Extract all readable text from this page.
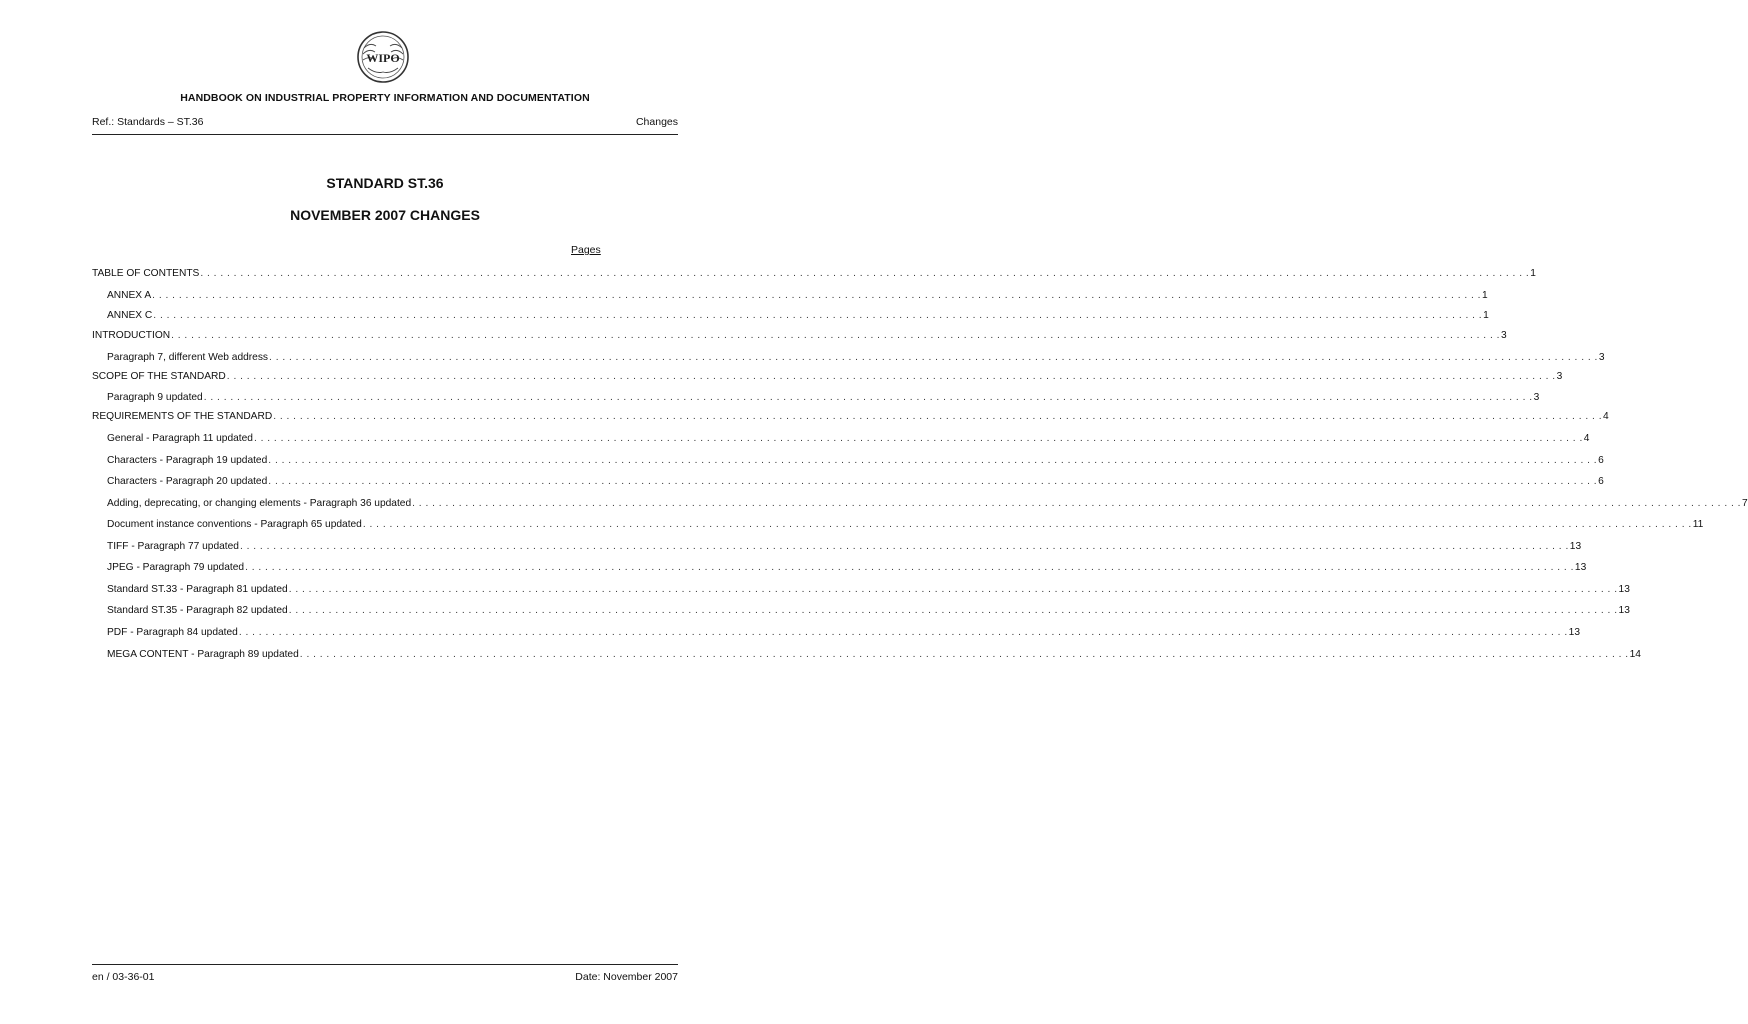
WIPO
HANDBOOK ON INDUSTRIAL PROPERTY INFORMATION AND DOCUMENTATION
Ref.: Standards – ST.36	Changes
STANDARD ST.36
NOVEMBER 2007 CHANGES
Pages
TABLE OF CONTENTS . . . . . . . . . . . . . . . . . . . . . . . . . . . . . . . . . . . . . . . . . . . . . . . . . . . . . . . . . . . . . . . . . . . . . . . . . . . . . . . . . . . . . . . . . . . . . . . . . . . . . . . . . . . . . . . . . . . . . . . . . . . . . . . . . . . . . . . . . . . . . . . . . . . . . . . . . . . . . . . . . . . . . . . . . . . . . . . . . . . . . . . . . . . . . . . . . . . . . . . . 1
ANNEX A . . . . . . . . . . . . . . . . . . . . . . . . . . . . . . . . . . . . . . . . . . . . . . . . . . . . . . . . . . . . . . . . . . . . . . . . . . . . . . . . . . . . . . . . . . . . . . . . . . . . . . . . . . . . . . . . . . . . . . . . . . . . . . . . . . . . . . . . . . . . . . . . . . . . . . . . . . . . . . . . . . . . . . . . . . . . . . . . . . . . . . . . . . . . . . . . . . . . . . . . 1
ANNEX C . . . . . . . . . . . . . . . . . . . . . . . . . . . . . . . . . . . . . . . . . . . . . . . . . . . . . . . . . . . . . . . . . . . . . . . . . . . . . . . . . . . . . . . . . . . . . . . . . . . . . . . . . . . . . . . . . . . . . . . . . . . . . . . . . . . . . . . . . . . . . . . . . . . . . . . . . . . . . . . . . . . . . . . . . . . . . . . . . . . . . . . . . . . . . . . . . . . . . . . . 1
INTRODUCTION . . . . . . . . . . . . . . . . . . . . . . . . . . . . . . . . . . . . . . . . . . . . . . . . . . . . . . . . . . . . . . . . . . . . . . . . . . . . . . . . . . . . . . . . . . . . . . . . . . . . . . . . . . . . . . . . . . . . . . . . . . . . . . . . . . . . . . . . . . . . . . . . . . . . . . . . . . . . . . . . . . . . . . . . . . . . . . . . . . . . . . . . . . . . . . . . . . . . . . . . 3
Paragraph 7, different Web address . . . . . . . . . . . . . . . . . . . . . . . . . . . . . . . . . . . . . . . . . . . . . . . . . . . . . . . . . . . . . . . . . . . . . . . . . . . . . . . . . . . . . . . . . . . . . . . . . . . . . . . . . . . . . . . . . . . . . . . . . . . . . . . . . . . . . . . . . . . . . . . . . . . . . . . . . . . . . . . . . . . . . . . . . . . . . . . . . . . . . . . . . . . . . . . . . . . . . . . . 3
SCOPE OF THE STANDARD . . . . . . . . . . . . . . . . . . . . . . . . . . . . . . . . . . . . . . . . . . . . . . . . . . . . . . . . . . . . . . . . . . . . . . . . . . . . . . . . . . . . . . . . . . . . . . . . . . . . . . . . . . . . . . . . . . . . . . . . . . . . . . . . . . . . . . . . . . . . . . . . . . . . . . . . . . . . . . . . . . . . . . . . . . . . . . . . . . . . . . . . . . . . . . . . . . . . . . . . 3
Paragraph 9 updated . . . . . . . . . . . . . . . . . . . . . . . . . . . . . . . . . . . . . . . . . . . . . . . . . . . . . . . . . . . . . . . . . . . . . . . . . . . . . . . . . . . . . . . . . . . . . . . . . . . . . . . . . . . . . . . . . . . . . . . . . . . . . . . . . . . . . . . . . . . . . . . . . . . . . . . . . . . . . . . . . . . . . . . . . . . . . . . . . . . . . . . . . . . . . . . . . . . . . . . . 3
REQUIREMENTS OF THE STANDARD . . . . . . . . . . . . . . . . . . . . . . . . . . . . . . . . . . . . . . . . . . . . . . . . . . . . . . . . . . . . . . . . . . . . . . . . . . . . . . . . . . . . . . . . . . . . . . . . . . . . . . . . . . . . . . . . . . . . . . . . . . . . . . . . . . . . . . . . . . . . . . . . . . . . . . . . . . . . . . . . . . . . . . . . . . . . . . . . . . . . . . . . . . . . . . . . . . . . . . . . 4
General - Paragraph 11 updated . . . . . . . . . . . . . . . . . . . . . . . . . . . . . . . . . . . . . . . . . . . . . . . . . . . . . . . . . . . . . . . . . . . . . . . . . . . . . . . . . . . . . . . . . . . . . . . . . . . . . . . . . . . . . . . . . . . . . . . . . . . . . . . . . . . . . . . . . . . . . . . . . . . . . . . . . . . . . . . . . . . . . . . . . . . . . . . . . . . . . . . . . . . . . . . . . . . . . . . . 4
Characters - Paragraph 19 updated . . . . . . . . . . . . . . . . . . . . . . . . . . . . . . . . . . . . . . . . . . . . . . . . . . . . . . . . . . . . . . . . . . . . . . . . . . . . . . . . . . . . . . . . . . . . . . . . . . . . . . . . . . . . . . . . . . . . . . . . . . . . . . . . . . . . . . . . . . . . . . . . . . . . . . . . . . . . . . . . . . . . . . . . . . . . . . . . . . . . . . . . . . . . . . . . . . . . . . . . 6
Characters - Paragraph 20 updated . . . . . . . . . . . . . . . . . . . . . . . . . . . . . . . . . . . . . . . . . . . . . . . . . . . . . . . . . . . . . . . . . . . . . . . . . . . . . . . . . . . . . . . . . . . . . . . . . . . . . . . . . . . . . . . . . . . . . . . . . . . . . . . . . . . . . . . . . . . . . . . . . . . . . . . . . . . . . . . . . . . . . . . . . . . . . . . . . . . . . . . . . . . . . . . . . . . . . . . . 6
Adding, deprecating, or changing elements - Paragraph 36 updated . . . . . . . . . . . . . . . . . . . . . . . . . . . . . . . . . . . . . . . . . . . . . . . . . . . . . . . . . . . . . . . . . . . . . . . . . . . . . . . . . . . . . . . . . . . . . . . . . . . . . . . . . . . . . . . . . . . . . . . . . . . . . . . . . . . . . . . . . . . . . . . . . . . . . . . . . . . . . . . . . . . . . . . . . . . . . . . . . . . . . . . . . . . . . . . . . . . . . . . . 7
Document instance conventions - Paragraph 65 updated . . . . . . . . . . . . . . . . . . . . . . . . . . . . . . . . . . . . . . . . . . . . . . . . . . . . . . . . . . . . . . . . . . . . . . . . . . . . . . . . . . . . . . . . . . . . . . . . . . . . . . . . . . . . . . . . . . . . . . . . . . . . . . . . . . . . . . . . . . . . . . . . . . . . . . . . . . . . . . . . . . . . . . . . . . . . . . . . . . . . . . . . . . . . . . . . . . . . . . . . 11
TIFF - Paragraph 77 updated . . . . . . . . . . . . . . . . . . . . . . . . . . . . . . . . . . . . . . . . . . . . . . . . . . . . . . . . . . . . . . . . . . . . . . . . . . . . . . . . . . . . . . . . . . . . . . . . . . . . . . . . . . . . . . . . . . . . . . . . . . . . . . . . . . . . . . . . . . . . . . . . . . . . . . . . . . . . . . . . . . . . . . . . . . . . . . . . . . . . . . . . . . . . . . . . . . . . . . . . 13
JPEG - Paragraph 79 updated . . . . . . . . . . . . . . . . . . . . . . . . . . . . . . . . . . . . . . . . . . . . . . . . . . . . . . . . . . . . . . . . . . . . . . . . . . . . . . . . . . . . . . . . . . . . . . . . . . . . . . . . . . . . . . . . . . . . . . . . . . . . . . . . . . . . . . . . . . . . . . . . . . . . . . . . . . . . . . . . . . . . . . . . . . . . . . . . . . . . . . . . . . . . . . . . . . . . . . . . 13
Standard ST.33 - Paragraph 81 updated . . . . . . . . . . . . . . . . . . . . . . . . . . . . . . . . . . . . . . . . . . . . . . . . . . . . . . . . . . . . . . . . . . . . . . . . . . . . . . . . . . . . . . . . . . . . . . . . . . . . . . . . . . . . . . . . . . . . . . . . . . . . . . . . . . . . . . . . . . . . . . . . . . . . . . . . . . . . . . . . . . . . . . . . . . . . . . . . . . . . . . . . . . . . . . . . . . . . . . . . 13
Standard ST.35 - Paragraph 82 updated . . . . . . . . . . . . . . . . . . . . . . . . . . . . . . . . . . . . . . . . . . . . . . . . . . . . . . . . . . . . . . . . . . . . . . . . . . . . . . . . . . . . . . . . . . . . . . . . . . . . . . . . . . . . . . . . . . . . . . . . . . . . . . . . . . . . . . . . . . . . . . . . . . . . . . . . . . . . . . . . . . . . . . . . . . . . . . . . . . . . . . . . . . . . . . . . . . . . . . . . 13
PDF - Paragraph 84 updated . . . . . . . . . . . . . . . . . . . . . . . . . . . . . . . . . . . . . . . . . . . . . . . . . . . . . . . . . . . . . . . . . . . . . . . . . . . . . . . . . . . . . . . . . . . . . . . . . . . . . . . . . . . . . . . . . . . . . . . . . . . . . . . . . . . . . . . . . . . . . . . . . . . . . . . . . . . . . . . . . . . . . . . . . . . . . . . . . . . . . . . . . . . . . . . . . . . . . . . . 13
MEGA CONTENT - Paragraph 89 updated . . . . . . . . . . . . . . . . . . . . . . . . . . . . . . . . . . . . . . . . . . . . . . . . . . . . . . . . . . . . . . . . . . . . . . . . . . . . . . . . . . . . . . . . . . . . . . . . . . . . . . . . . . . . . . . . . . . . . . . . . . . . . . . . . . . . . . . . . . . . . . . . . . . . . . . . . . . . . . . . . . . . . . . . . . . . . . . . . . . . . . . . . . . . . . . . . . . . . . . . 14
en / 03-36-01	Date: November 2007
